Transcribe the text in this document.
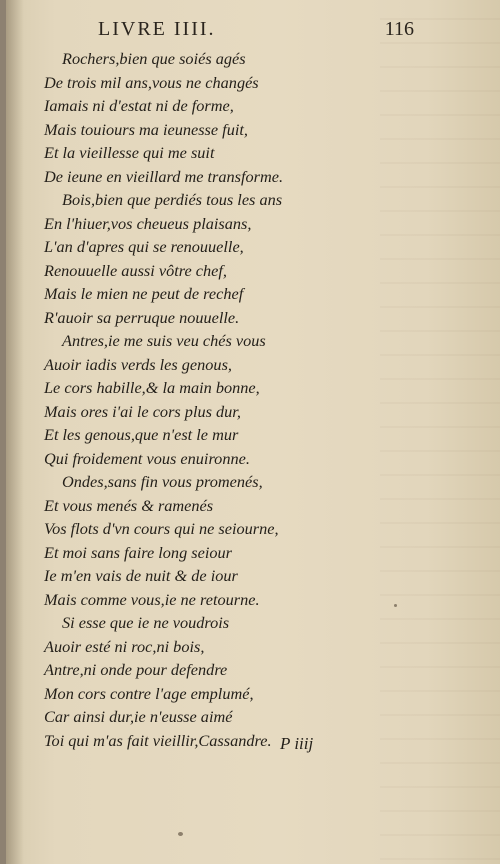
LIVRE IIII.	116
Rochers,bien que soiés agés
De trois mil ans,vous ne changés
Iamais ni d'estat ni de forme,
Mais touiours ma ieunesse fuit,
Et la vieillesse qui me suit
De ieune en vieillard me transforme.
Bois,bien que perdiés tous les ans
En l'hiuer,vos cheueus plaisans,
L'an d'apres qui se renouuelle,
Renouuelle aussi vôtre chef,
Mais le mien ne peut de rechef
R'auoir sa perruque nouuelle.
Antres,ie me suis veu chés vous
Auoir iadis verds les genous,
Le cors habille,& la main bonne,
Mais ores i'ai le cors plus dur,
Et les genous,que n'est le mur
Qui froidement vous enuironne.
Ondes,sans fin vous promenés,
Et vous menés & ramenés
Vos flots d'vn cours qui ne seiourne,
Et moi sans faire long seiour
Ie m'en vais de nuit & de iour
Mais comme vous,ie ne retourne.
Si esse que ie ne voudrois
Auoir esté ni roc,ni bois,
Antre,ni onde pour defendre
Mon cors contre l'age emplumé,
Car ainsi dur,ie n'eusse aimé
Toi qui m'as fait vieillir,Cassandre. P iiij
